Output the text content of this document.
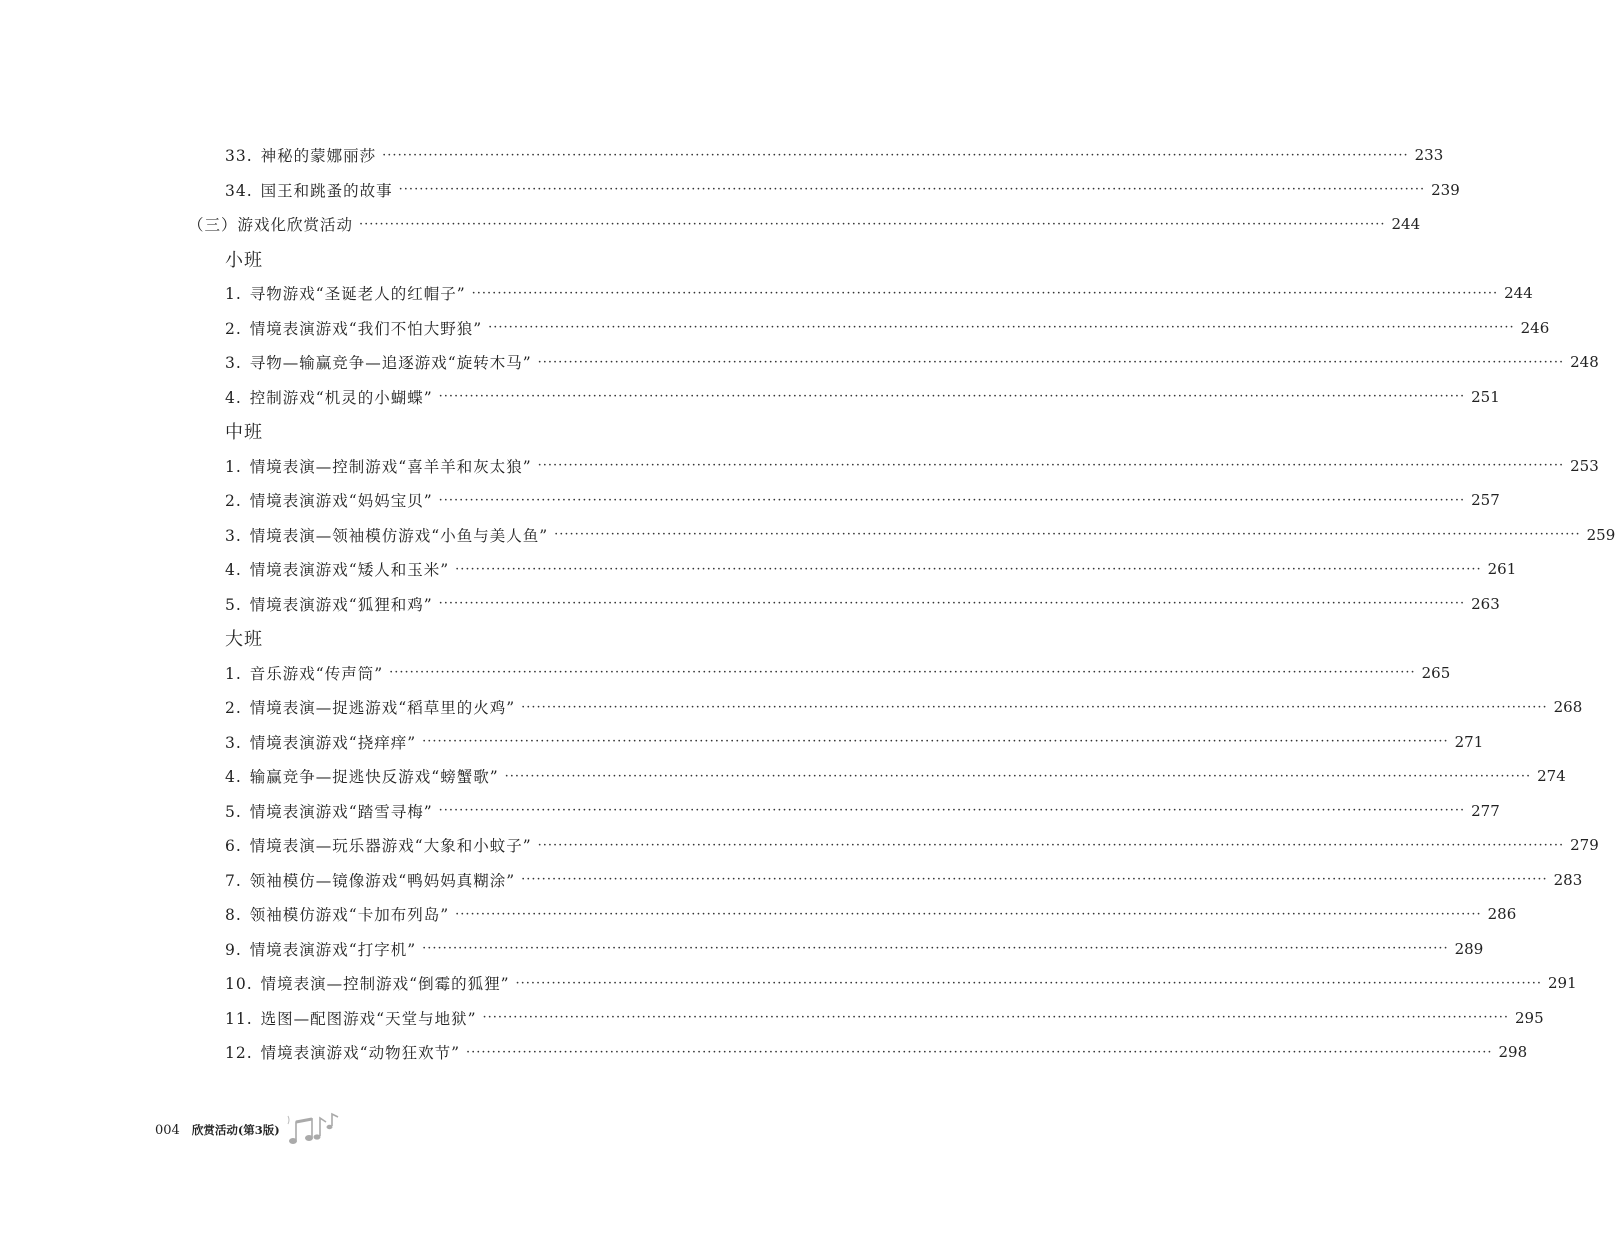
33. 神秘的蒙娜丽莎 ········································································································································································································ 233
34. 国王和跳蚤的故事 ········································································································································································································ 239
（三）游戏化欣赏活动 ········································································································································································································ 244
小班
1. 寻物游戏“圣诞老人的红帽子” ········································································································································································································ 244
2. 情境表演游戏“我们不怕大野狼” ········································································································································································································ 246
3. 寻物—输赢竞争—追逐游戏“旋转木马” ········································································································································································································ 248
4. 控制游戏“机灵的小蝴蝶” ········································································································································································································ 251
中班
1. 情境表演—控制游戏“喜羊羊和灰太狼” ········································································································································································································ 253
2. 情境表演游戏“妈妈宝贝” ········································································································································································································ 257
3. 情境表演—领袖模仿游戏“小鱼与美人鱼” ········································································································································································································ 259
4. 情境表演游戏“矮人和玉米” ········································································································································································································ 261
5. 情境表演游戏“狐狸和鸡” ········································································································································································································ 263
大班
1. 音乐游戏“传声筒” ········································································································································································································ 265
2. 情境表演—捉逃游戏“稻草里的火鸡” ········································································································································································································ 268
3. 情境表演游戏“挠痒痒” ········································································································································································································ 271
4. 输赢竞争—捉逃快反游戏“螃蟹歌” ········································································································································································································ 274
5. 情境表演游戏“踏雪寻梅” ········································································································································································································ 277
6. 情境表演—玩乐器游戏“大象和小蚊子” ········································································································································································································ 279
7. 领袖模仿—镜像游戏“鸭妈妈真糊涂” ········································································································································································································ 283
8. 领袖模仿游戏“卡加布列岛” ········································································································································································································ 286
9. 情境表演游戏“打字机” ········································································································································································································ 289
10. 情境表演—控制游戏“倒霉的狐狸” ········································································································································································································ 291
11. 选图—配图游戏“天堂与地狱” ········································································································································································································ 295
12. 情境表演游戏“动物狂欢节” ········································································································································································································ 298
004 欣赏活动(第3版)
